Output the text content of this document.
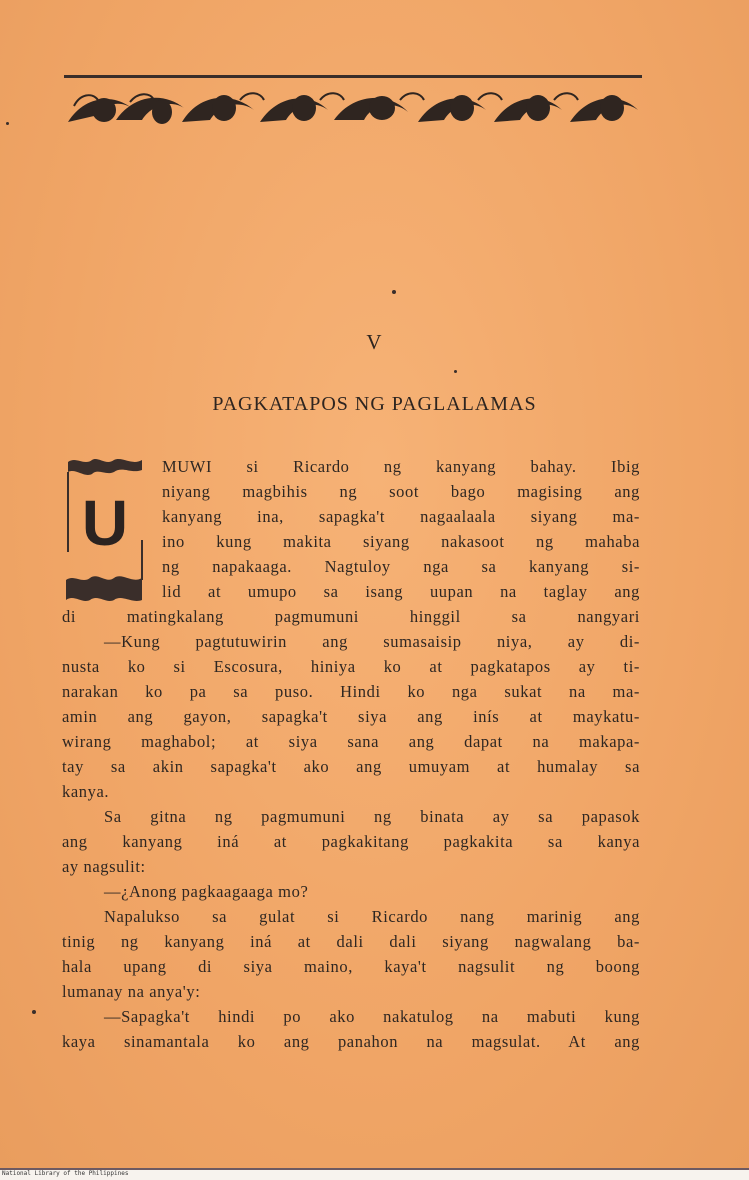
V
PAGKATAPOS NG PAGLALAMAS
U
MUWI si Ricardo ng kanyang bahay. Ibig
niyang magbihis ng soot bago magising ang
kanyang ina, sapagka't nagaalaala siyang ma-
ino kung makita siyang nakasoot ng mahaba
ng napakaaga. Nagtuloy nga sa kanyang si-
lid at umupo sa isang uupan na taglay ang
di matingkalang pagmumuni hinggil sa nangyari
—Kung pagtutuwirin ang sumasaisip niya, ay di-
nusta ko si Escosura, hiniya ko at pagkatapos ay ti-
narakan ko pa sa puso. Hindi ko nga sukat na ma-
amin ang gayon, sapagka't siya ang inís at maykatu-
wirang maghabol; at siya sana ang dapat na makapa-
tay sa akin sapagka't ako ang umuyam at humalay sa
kanya.
Sa gitna ng pagmumuni ng binata ay sa papasok
ang kanyang iná at pagkakitang pagkakita sa kanya
ay nagsulit:
—¿Anong pagkaagaaga mo?
Napalukso sa gulat si Ricardo nang marinig ang
tinig ng kanyang iná at dali dali siyang nagwalang ba-
hala upang di siya maino, kaya't nagsulit ng boong
lumanay na anya'y:
—Sapagka't hindi po ako nakatulog na mabuti kung
kaya sinamantala ko ang panahon na magsulat. At ang
National Library of the Philippines
